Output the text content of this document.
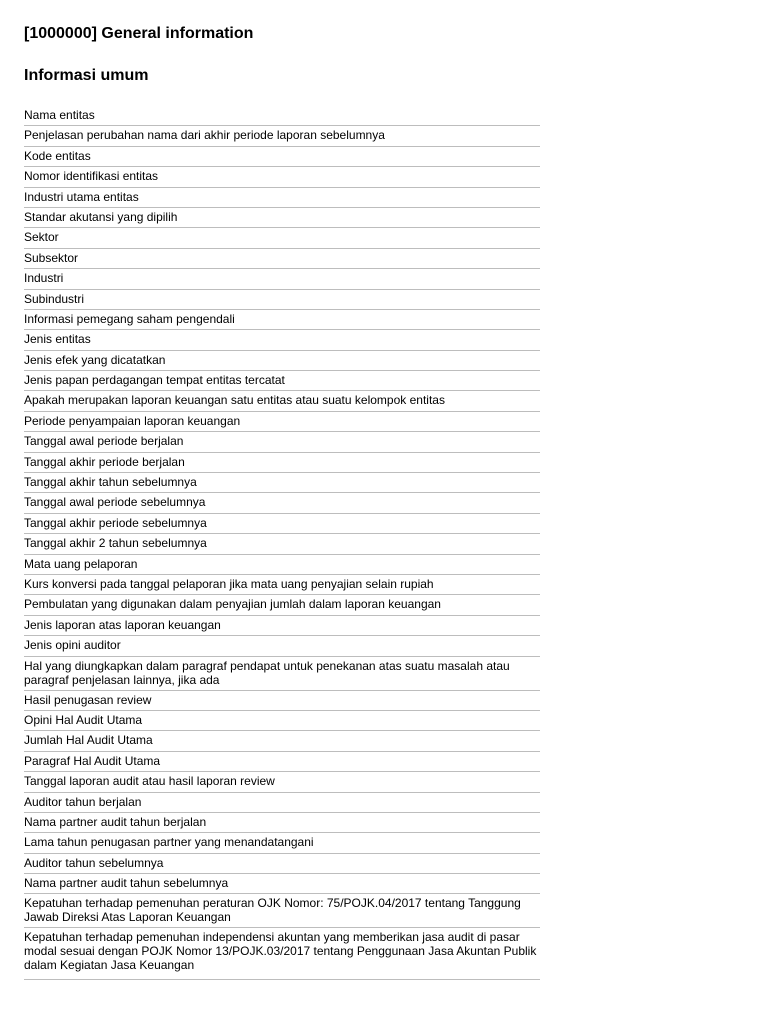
[1000000] General information
Informasi umum
Nama entitas
Penjelasan perubahan nama dari akhir periode laporan sebelumnya
Kode entitas
Nomor identifikasi entitas
Industri utama entitas
Standar akutansi yang dipilih
Sektor
Subsektor
Industri
Subindustri
Informasi pemegang saham pengendali
Jenis entitas
Jenis efek yang dicatatkan
Jenis papan perdagangan tempat entitas tercatat
Apakah merupakan laporan keuangan satu entitas atau suatu kelompok entitas
Periode penyampaian laporan keuangan
Tanggal awal periode berjalan
Tanggal akhir periode berjalan
Tanggal akhir tahun sebelumnya
Tanggal awal periode sebelumnya
Tanggal akhir periode sebelumnya
Tanggal akhir 2 tahun sebelumnya
Mata uang pelaporan
Kurs konversi pada tanggal pelaporan jika mata uang penyajian selain rupiah
Pembulatan yang digunakan dalam penyajian jumlah dalam laporan keuangan
Jenis laporan atas laporan keuangan
Jenis opini auditor
Hal yang diungkapkan dalam paragraf pendapat untuk penekanan atas suatu masalah atau paragraf penjelasan lainnya, jika ada
Hasil penugasan review
Opini Hal Audit Utama
Jumlah Hal Audit Utama
Paragraf Hal Audit Utama
Tanggal laporan audit atau hasil laporan review
Auditor tahun berjalan
Nama partner audit tahun berjalan
Lama tahun penugasan partner yang menandatangani
Auditor tahun sebelumnya
Nama partner audit tahun sebelumnya
Kepatuhan terhadap pemenuhan peraturan OJK Nomor: 75/POJK.04/2017 tentang Tanggung Jawab Direksi Atas Laporan Keuangan
Kepatuhan terhadap pemenuhan independensi akuntan yang memberikan jasa audit di pasar modal sesuai dengan POJK Nomor 13/POJK.03/2017 tentang Penggunaan Jasa Akuntan Publik dalam Kegiatan Jasa Keuangan
